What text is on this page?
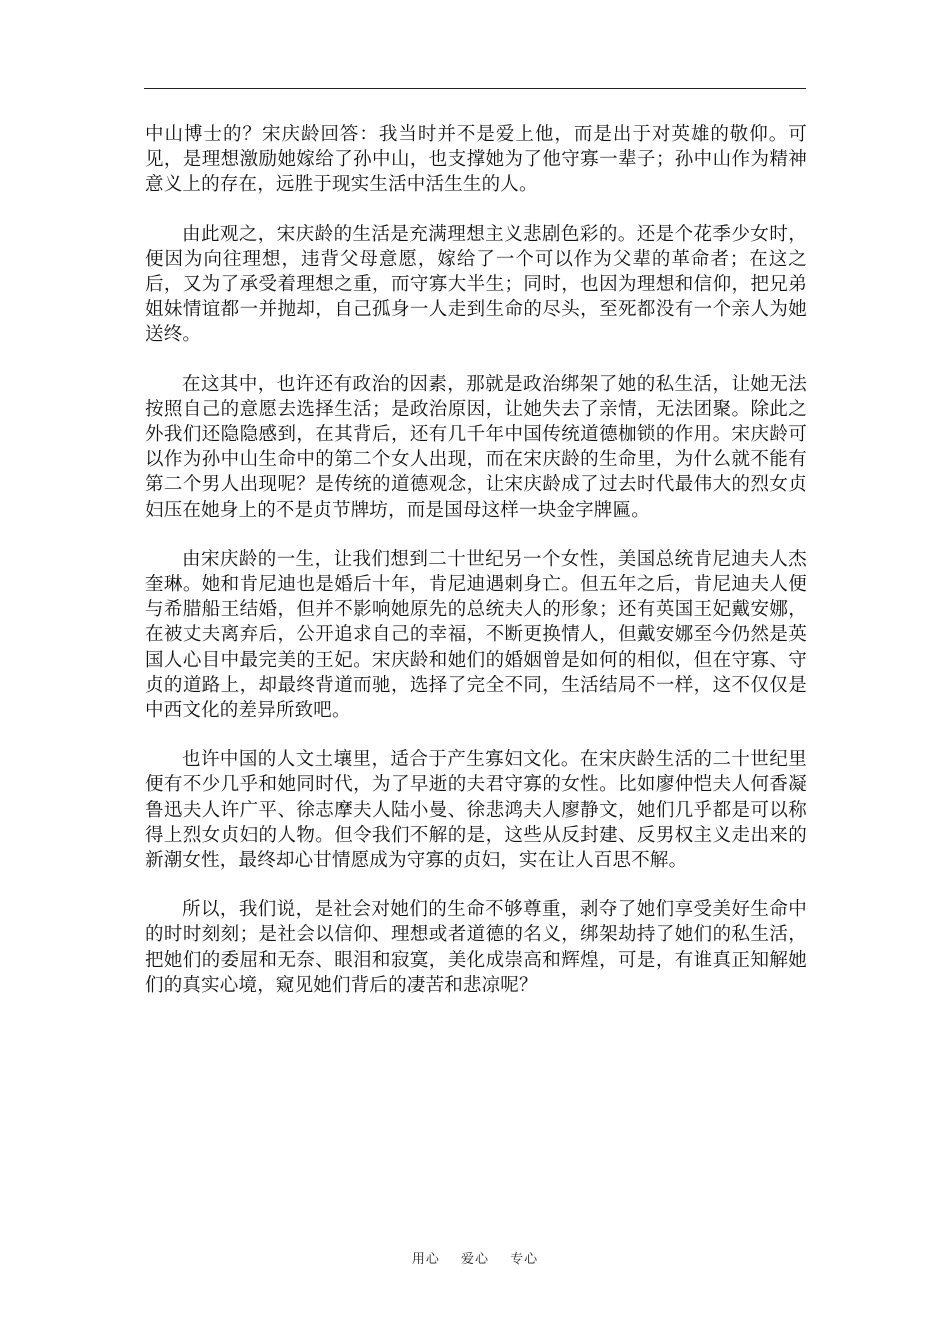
中山博士的？宋庆龄回答：我当时并不是爱上他，而是出于对英雄的敬仰。可见，是理想激励她嫁给了孙中山，也支撑她为了他守寡一辈子；孙中山作为精神意义上的存在，远胜于现实生活中活生生的人。

由此观之，宋庆龄的生活是充满理想主义悲剧色彩的。还是个花季少女时，便因为向往理想，违背父母意愿，嫁给了一个可以作为父辈的革命者；在这之后，又为了承受着理想之重，而守寡大半生；同时，也因为理想和信仰，把兄弟姐妹情谊都一并抛却，自己孤身一人走到生命的尽头，至死都没有一个亲人为她送终。

在这其中，也许还有政治的因素，那就是政治绑架了她的私生活，让她无法按照自己的意愿去选择生活；是政治原因，让她失去了亲情，无法团聚。除此之外我们还隐隐感到，在其背后，还有几千年中国传统道德枷锁的作用。宋庆龄可以作为孙中山生命中的第二个女人出现，而在宋庆龄的生命里，为什么就不能有第二个男人出现呢？是传统的道德观念，让宋庆龄成了过去时代最伟大的烈女贞妇压在她身上的不是贞节牌坊，而是国母这样一块金字牌匾。

由宋庆龄的一生，让我们想到二十世纪另一个女性，美国总统肯尼迪夫人杰奎琳。她和肯尼迪也是婚后十年，肯尼迪遇刺身亡。但五年之后，肯尼迪夫人便与希腊船王结婚，但并不影响她原先的总统夫人的形象；还有英国王妃戴安娜，在被丈夫离弃后，公开追求自己的幸福，不断更换情人，但戴安娜至今仍然是英国人心目中最完美的王妃。宋庆龄和她们的婚姻曾是如何的相似，但在守寡、守贞的道路上，却最终背道而驰，选择了完全不同，生活结局不一样，这不仅仅是中西文化的差异所致吧。

也许中国的人文土壤里，适合于产生寡妇文化。在宋庆龄生活的二十世纪里便有不少几乎和她同时代，为了早逝的夫君守寡的女性。比如廖仲恺夫人何香凝鲁迅夫人许广平、徐志摩夫人陆小曼、徐悲鸿夫人廖静文，她们几乎都是可以称得上烈女贞妇的人物。但令我们不解的是，这些从反封建、反男权主义走出来的新潮女性，最终却心甘情愿成为守寡的贞妇，实在让人百思不解。

所以，我们说，是社会对她们的生命不够尊重，剥夺了她们享受美好生命中的时时刻刻；是社会以信仰、理想或者道德的名义，绑架劫持了她们的私生活，把她们的委屈和无奈、眼泪和寂寞，美化成崇高和辉煌，可是，有谁真正知解她们的真实心境，窥见她们背后的凄苦和悲凉呢？

用心 爱心 专心
